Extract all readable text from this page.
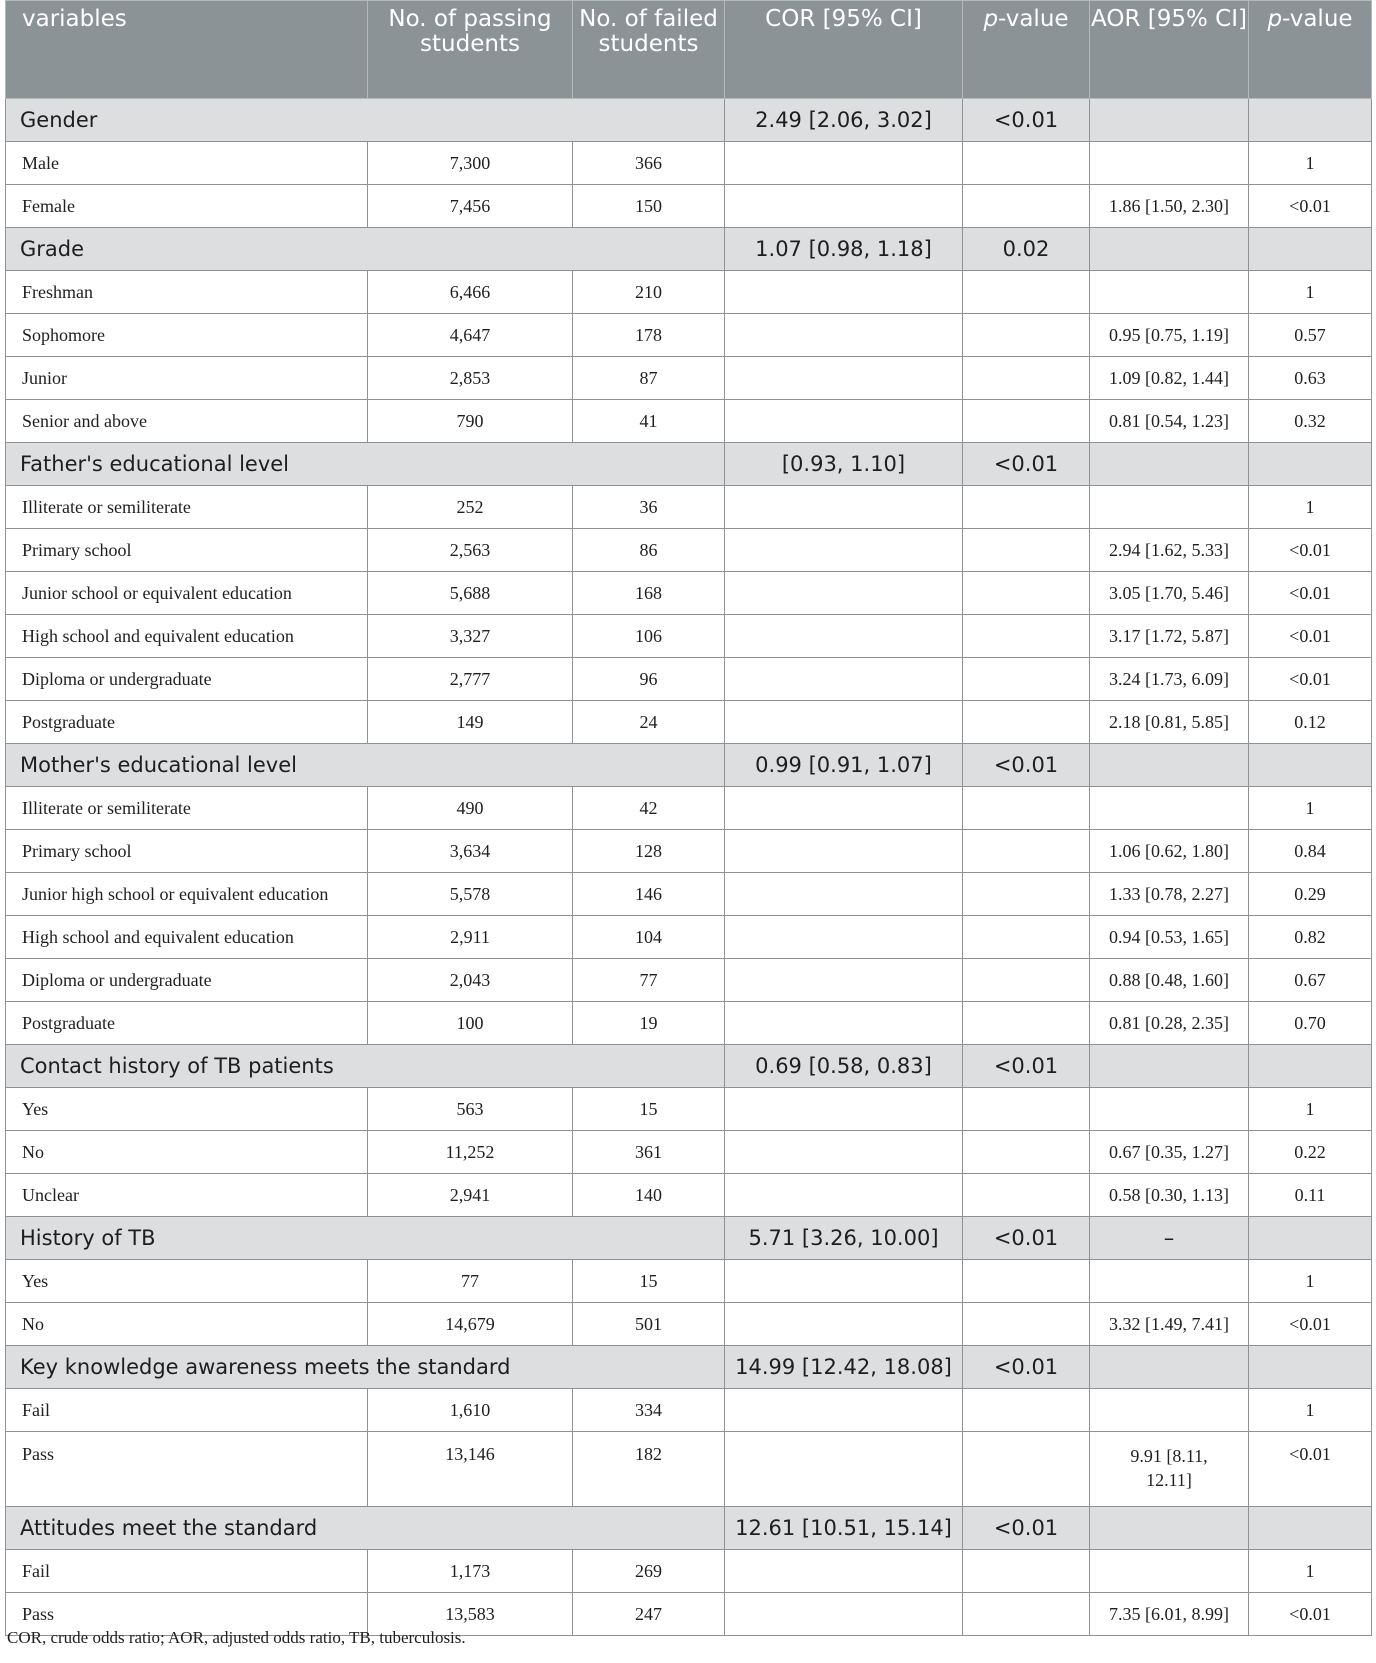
variables	No. of passing students	No. of failed students	COR [95% CI]	p-value	AOR [95% CI]	p-value
Gender			2.49 [2.06, 3.02]	<0.01		
Male	7,300	366				1
Female	7,456	150			1.86 [1.50, 2.30]	<0.01
Grade			1.07 [0.98, 1.18]	0.02		
Freshman	6,466	210				1
Sophomore	4,647	178			0.95 [0.75, 1.19]	0.57
Junior	2,853	87			1.09 [0.82, 1.44]	0.63
Senior and above	790	41			0.81 [0.54, 1.23]	0.32
Father's educational level			[0.93, 1.10]	<0.01		
Illiterate or semiliterate	252	36				1
Primary school	2,563	86			2.94 [1.62, 5.33]	<0.01
Junior school or equivalent education	5,688	168			3.05 [1.70, 5.46]	<0.01
High school and equivalent education	3,327	106			3.17 [1.72, 5.87]	<0.01
Diploma or undergraduate	2,777	96			3.24 [1.73, 6.09]	<0.01
Postgraduate	149	24			2.18 [0.81, 5.85]	0.12
Mother's educational level			0.99 [0.91, 1.07]	<0.01		
Illiterate or semiliterate	490	42				1
Primary school	3,634	128			1.06 [0.62, 1.80]	0.84
Junior high school or equivalent education	5,578	146			1.33 [0.78, 2.27]	0.29
High school and equivalent education	2,911	104			0.94 [0.53, 1.65]	0.82
Diploma or undergraduate	2,043	77			0.88 [0.48, 1.60]	0.67
Postgraduate	100	19			0.81 [0.28, 2.35]	0.70
Contact history of TB patients			0.69 [0.58, 0.83]	<0.01		
Yes	563	15				1
No	11,252	361			0.67 [0.35, 1.27]	0.22
Unclear	2,941	140			0.58 [0.30, 1.13]	0.11
History of TB			5.71 [3.26, 10.00]	<0.01	–	
Yes	77	15				1
No	14,679	501			3.32 [1.49, 7.41]	<0.01
Key knowledge awareness meets the standard			14.99 [12.42, 18.08]	<0.01		
Fail	1,610	334				1
Pass	13,146	182			9.91 [8.11, 12.11]	<0.01
Attitudes meet the standard			12.61 [10.51, 15.14]	<0.01		
Fail	1,173	269				1
Pass	13,583	247			7.35 [6.01, 8.99]	<0.01
COR, crude odds ratio; AOR, adjusted odds ratio, TB, tuberculosis.
